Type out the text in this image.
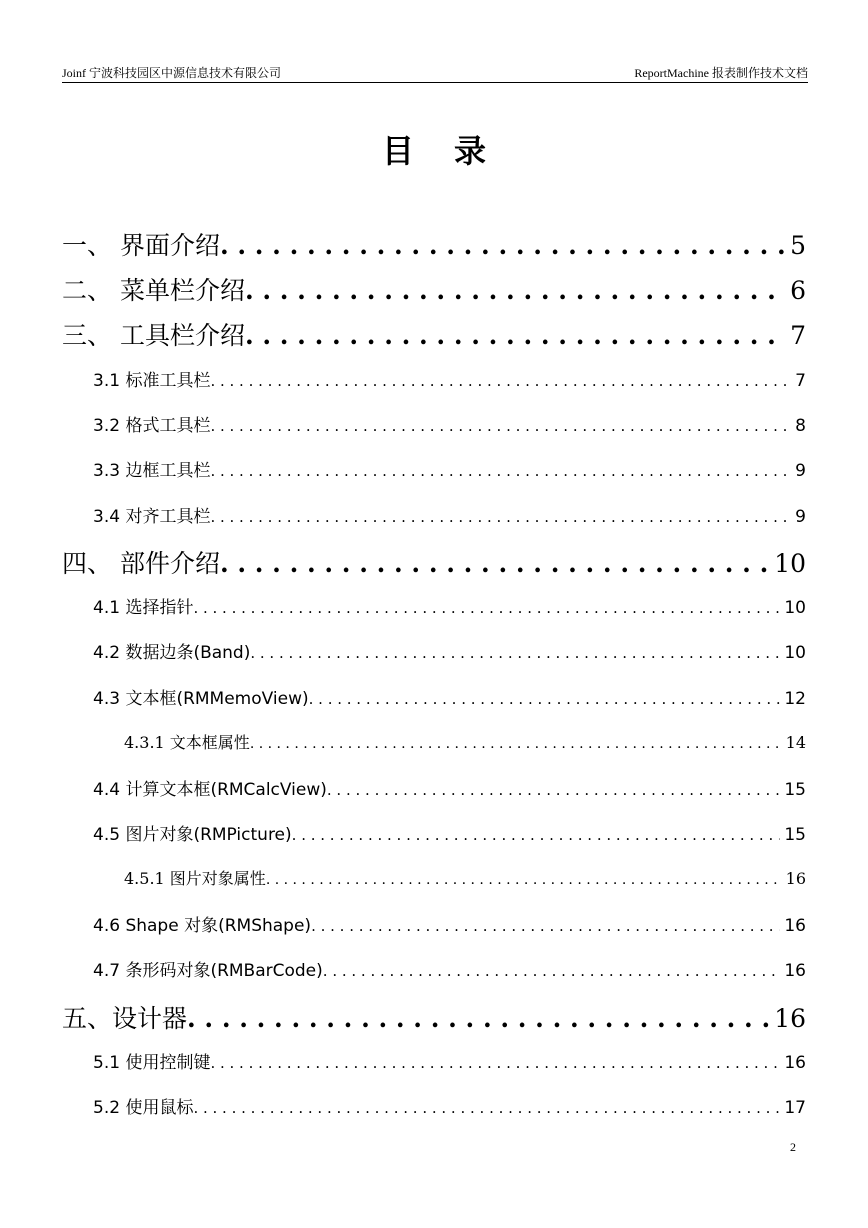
Joinf 宁波科技园区中源信息技术有限公司	ReportMachine 报表制作技术文档
目录
一、 界面介绍 . . .	5
二、 菜单栏介绍 . . .	6
三、 工具栏介绍 . . .	7
3.1 标准工具栏 . . .	7
3.2 格式工具栏 . . .	8
3.3 边框工具栏 . . .	9
3.4 对齐工具栏 . . .	9
四、 部件介绍 . . .	10
4.1 选择指针 . . .	10
4.2 数据边条(Band) . . .	10
4.3 文本框(RMMemoView) . . .	12
4.3.1 文本框属性 . . .	14
4.4 计算文本框(RMCalcView) . . .	15
4.5 图片对象(RMPicture) . . .	15
4.5.1 图片对象属性 . . .	16
4.6 Shape 对象(RMShape) . . .	16
4.7 条形码对象(RMBarCode) . . .	16
五、设计器 . . .	16
5.1 使用控制键 . . .	16
5.2 使用鼠标 . . .	17
2
